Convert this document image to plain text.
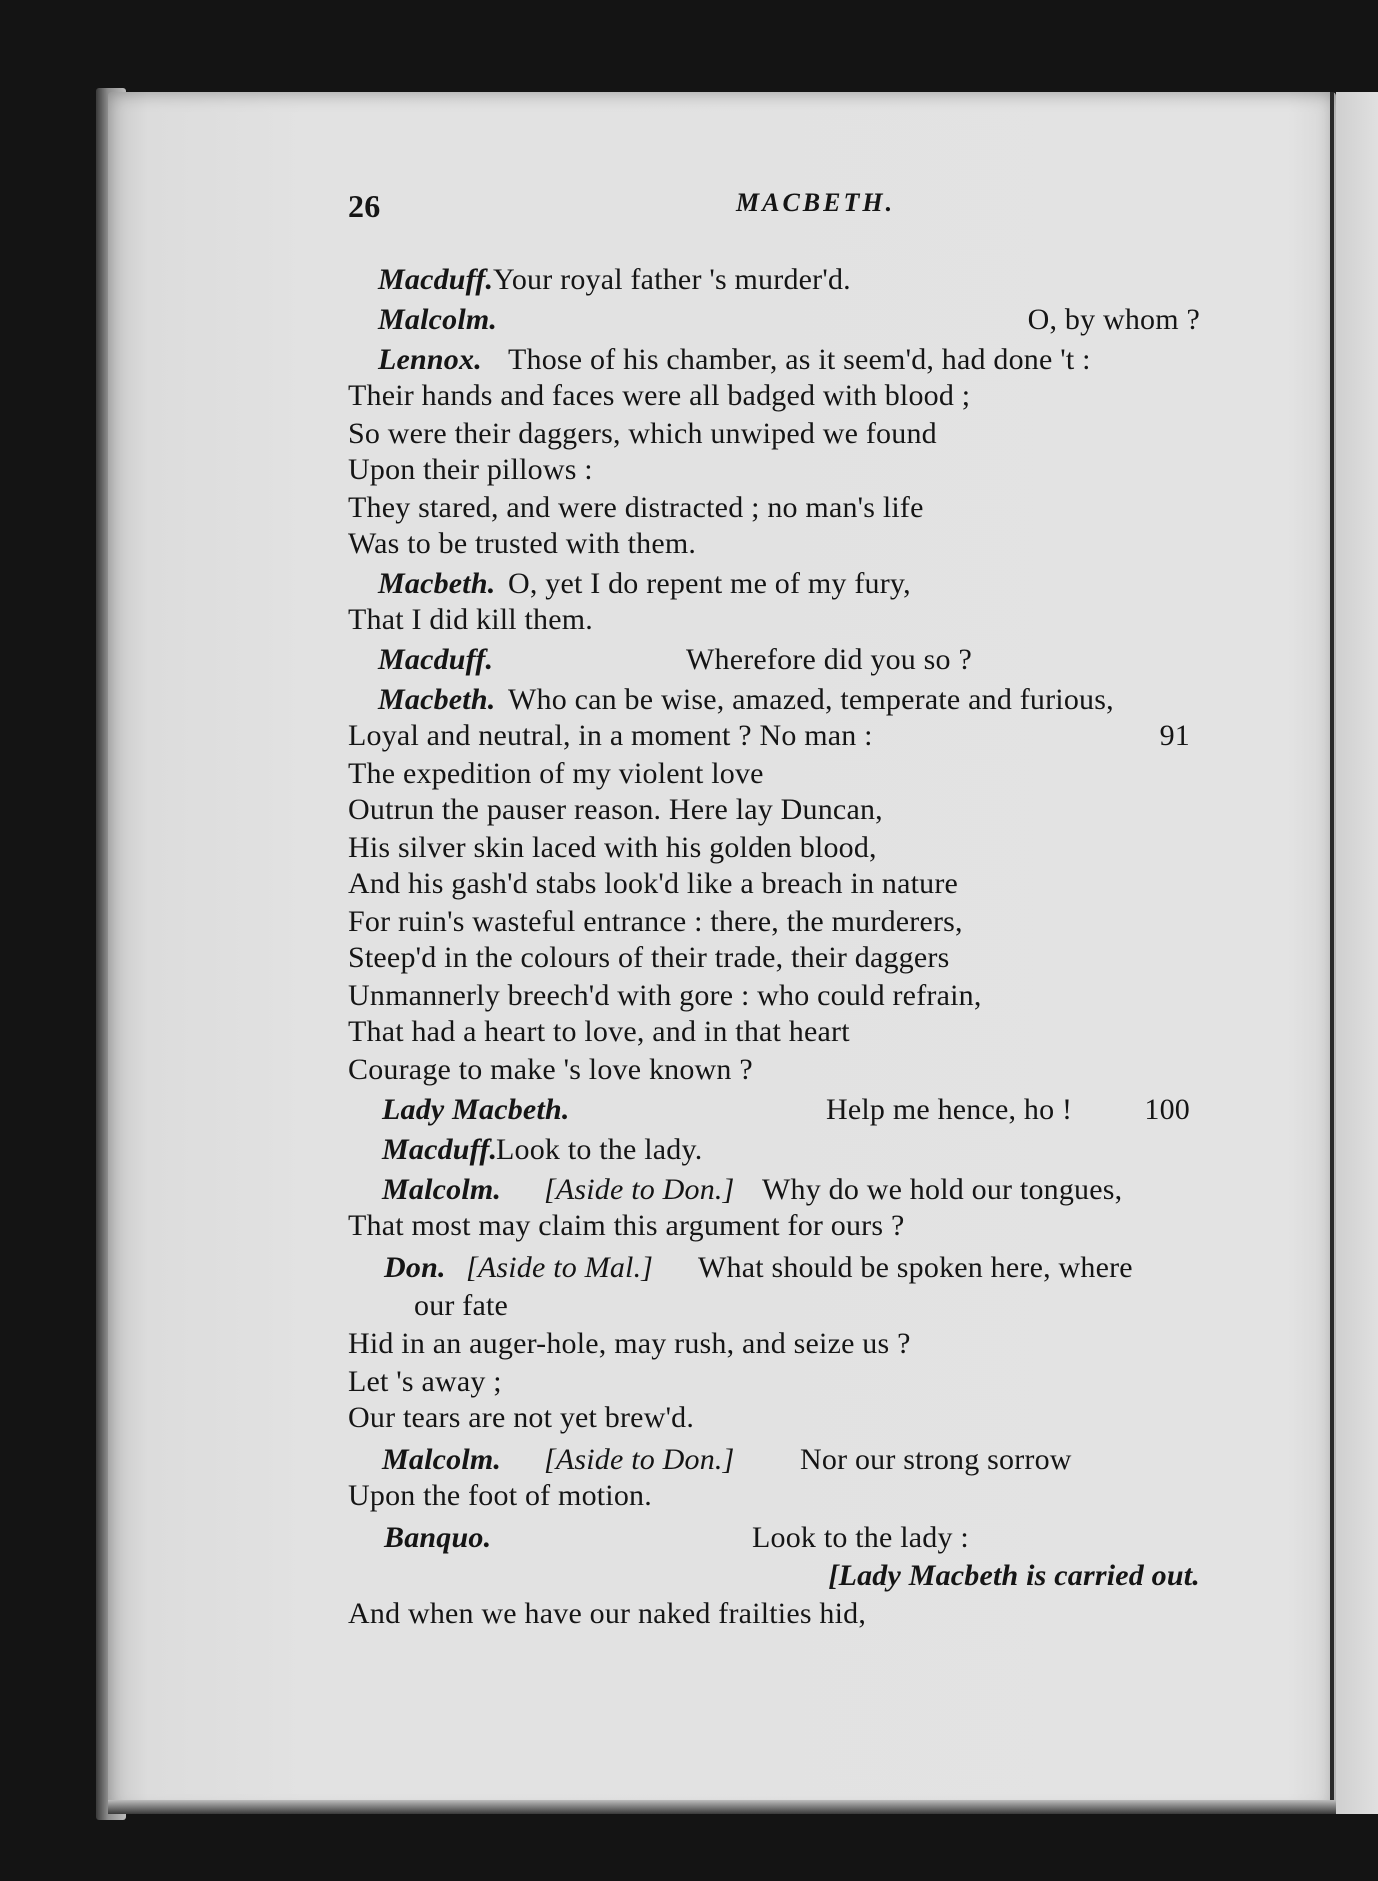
26	MACBETH.
Macduff. Your royal father 's murder'd.
Malcolm.	O, by whom ?
Lennox. Those of his chamber, as it seem'd, had done 't :
Their hands and faces were all badged with blood ;
So were their daggers, which unwiped we found
Upon their pillows :
They stared, and were distracted ; no man's life
Was to be trusted with them.
Macbeth. O, yet I do repent me of my fury,
That I did kill them.
Macduff.	Wherefore did you so ?
Macbeth. Who can be wise, amazed, temperate and furious,
Loyal and neutral, in a moment ? No man :	91
The expedition of my violent love
Outrun the pauser reason. Here lay Duncan,
His silver skin laced with his golden blood,
And his gash'd stabs look'd like a breach in nature
For ruin's wasteful entrance : there, the murderers,
Steep'd in the colours of their trade, their daggers
Unmannerly breech'd with gore : who could refrain,
That had a heart to love, and in that heart
Courage to make 's love known ?
Lady Macbeth.	Help me hence, ho ! 100
Macduff.
Look to the lady.
Malcolm. [Aside to Don.] Why do we hold our tongues,
That most may claim this argument for ours ?
Don. [Aside to Mal.] What should be spoken here, where
our fate
Hid in an auger-hole, may rush, and seize us ?
Let 's away ;
Our tears are not yet brew'd.
Malcolm. [Aside to Don.] Nor our strong sorrow
Upon the foot of motion.
Banquo.	Look to the lady :
[Lady Macbeth is carried out.
And when we have our naked frailties hid,
